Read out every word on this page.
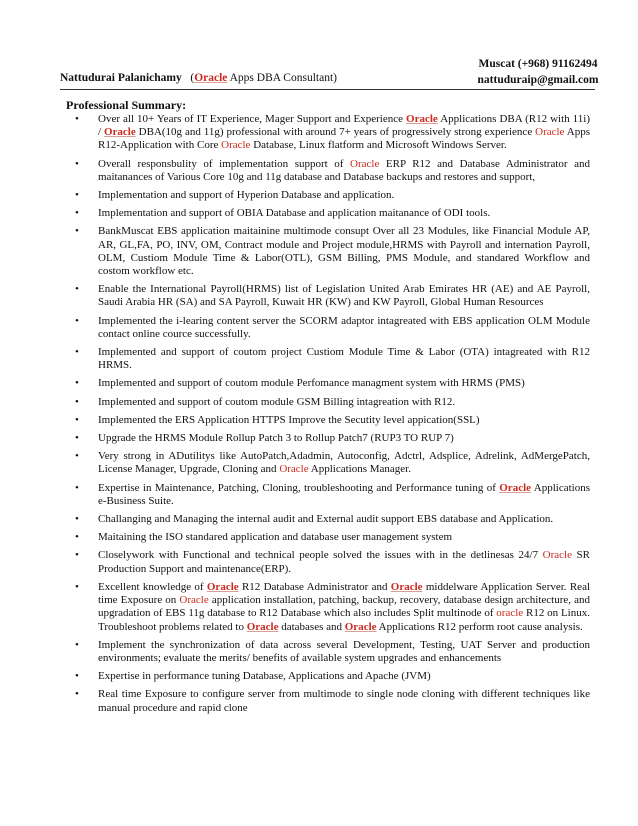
Muscat (+968) 91162494
nattuduraip@gmail.com
Nattudurai Palanichamy (Oracle Apps DBA Consultant)
Professional Summary:
• Over all 10+ Years of IT Experience, Mager Support and Experience Oracle Applications DBA (R12 with 11i) / Oracle DBA(10g and 11g) professional with around 7+ years of progressively strong experience Oracle Apps R12-Application with Core Oracle Database, Linux flatform and Microsoft Windows Server.
• Overall responsbulity of implementation support of Oracle ERP R12 and Database Administrator and maitanances of Various Core 10g and 11g database and Database backups and restores and support,
• Implementation and support of Hyperion Database and application.
• Implementation and support of OBIA Database and application maitanance of ODI tools.
• BankMuscat EBS application maitainine multimode consupt Over all 23 Modules, like Financial Module AP, AR, GL,FA, PO, INV, OM, Contract module and Project module,HRMS with Payroll and internation Payroll, OLM, Custiom Module Time & Labor(OTL), GSM Billing, PMS Module, and standared Workflow and costom workflow etc.
• Enable the International Payroll(HRMS) list of Legislation United Arab Emirates HR (AE) and AE Payroll, Saudi Arabia HR (SA) and SA Payroll, Kuwait HR (KW) and KW Payroll, Global Human Resources
• Implemented the i-learing content server the SCORM adaptor intagreated with EBS application OLM Module contact online cource successfully.
• Implemented and support of coutom project Custiom Module Time & Labor (OTA) intagreated with R12 HRMS.
• Implemented and support of coutom module Perfomance managment system with HRMS (PMS)
• Implemented and support of coutom module GSM Billing intagreation with R12.
• Implemented the ERS Application HTTPS Improve the Secutity level appication(SSL)
• Upgrade the HRMS Module Rollup Patch 3 to Rollup Patch7 (RUP3 TO RUP 7)
• Very strong in ADutilitys like AutoPatch,Adadmin, Autoconfig, Adctrl, Adsplice, Adrelink, AdMergePatch, License Manager, Upgrade, Cloning and Oracle Applications Manager.
• Expertise in Maintenance, Patching, Cloning, troubleshooting and Performance tuning of Oracle Applications e-Business Suite.
• Challanging and Managing the internal audit and External audit support EBS database and Application.
• Maitaining the ISO standared application and database user management system
• Closelywork with Functional and technical people solved the issues with in the detlinesas 24/7 Oracle SR Production Support and maintenance(ERP).
• Excellent knowledge of Oracle R12 Database Administrator and Oracle middelware Application Server. Real time Exposure on Oracle application installation, patching, backup, recovery, database design architecture, and upgradation of EBS 11g database to R12 Database which also includes Split multinode of oracle R12 on Linux. Troubleshoot problems related to Oracle databases and Oracle Applications R12 perform root cause analysis.
• Implement the synchronization of data across several Development, Testing, UAT Server and production environments; evaluate the merits/ benefits of available system upgrades and enhancements
• Expertise in performance tuning Database, Applications and Apache (JVM)
• Real time Exposure to configure server from multimode to single node cloning with different techniques like manual procedure and rapid clone
